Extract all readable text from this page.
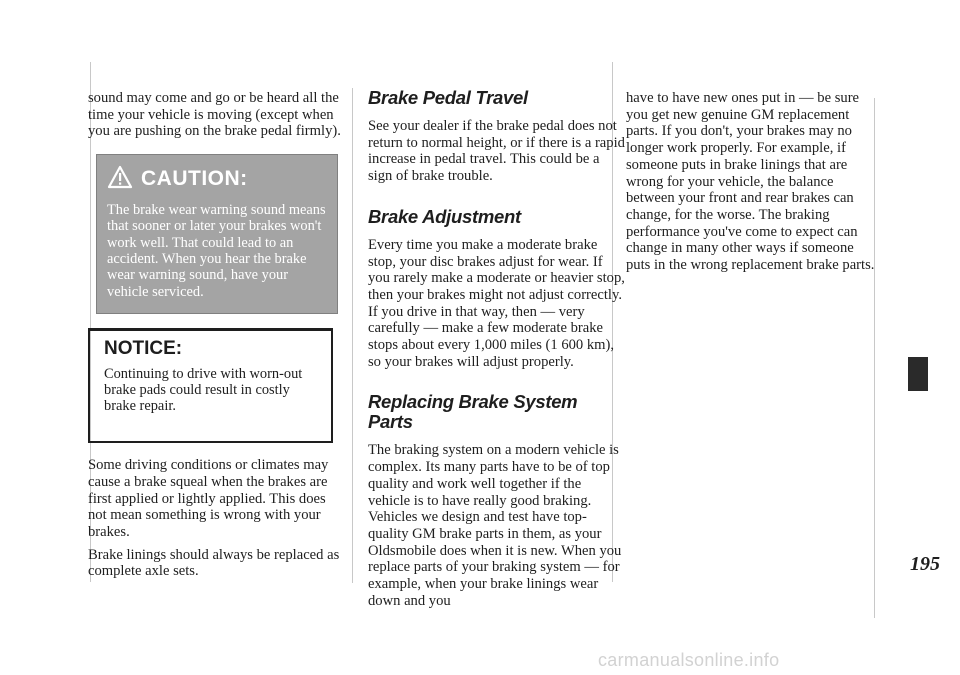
sound may come and go or be heard all the time your vehicle is moving (except when you are pushing on the brake pedal firmly).

CAUTION:
The brake wear warning sound means that sooner or later your brakes won't work well. That could lead to an accident. When you hear the brake wear warning sound, have your vehicle serviced.
NOTICE:
Continuing to drive with worn-out brake pads could result in costly brake repair.

Some driving conditions or climates may cause a brake squeal when the brakes are first applied or lightly applied. This does not mean something is wrong with your brakes.

Brake linings should always be replaced as complete axle sets.

Brake Pedal Travel

See your dealer if the brake pedal does not return to normal height, or if there is a rapid increase in pedal travel. This could be a sign of brake trouble.

Brake Adjustment

Every time you make a moderate brake stop, your disc brakes adjust for wear. If you rarely make a moderate or heavier stop, then your brakes might not adjust correctly. If you drive in that way, then — very carefully — make a few moderate brake stops about every 1,000 miles (1 600 km), so your brakes will adjust properly.

Replacing Brake System Parts

The braking system on a modern vehicle is complex. Its many parts have to be of top quality and work well together if the vehicle is to have really good braking. Vehicles we design and test have top-quality GM brake parts in them, as your Oldsmobile does when it is new. When you replace parts of your braking system — for example, when your brake linings wear down and you

have to have new ones put in — be sure you get new genuine GM replacement parts. If you don't, your brakes may no longer work properly. For example, if someone puts in brake linings that are wrong for your vehicle, the balance between your front and rear brakes can change, for the worse. The braking performance you've come to expect can change in many other ways if someone puts in the wrong replacement brake parts.

195
carmanualsonline.info
